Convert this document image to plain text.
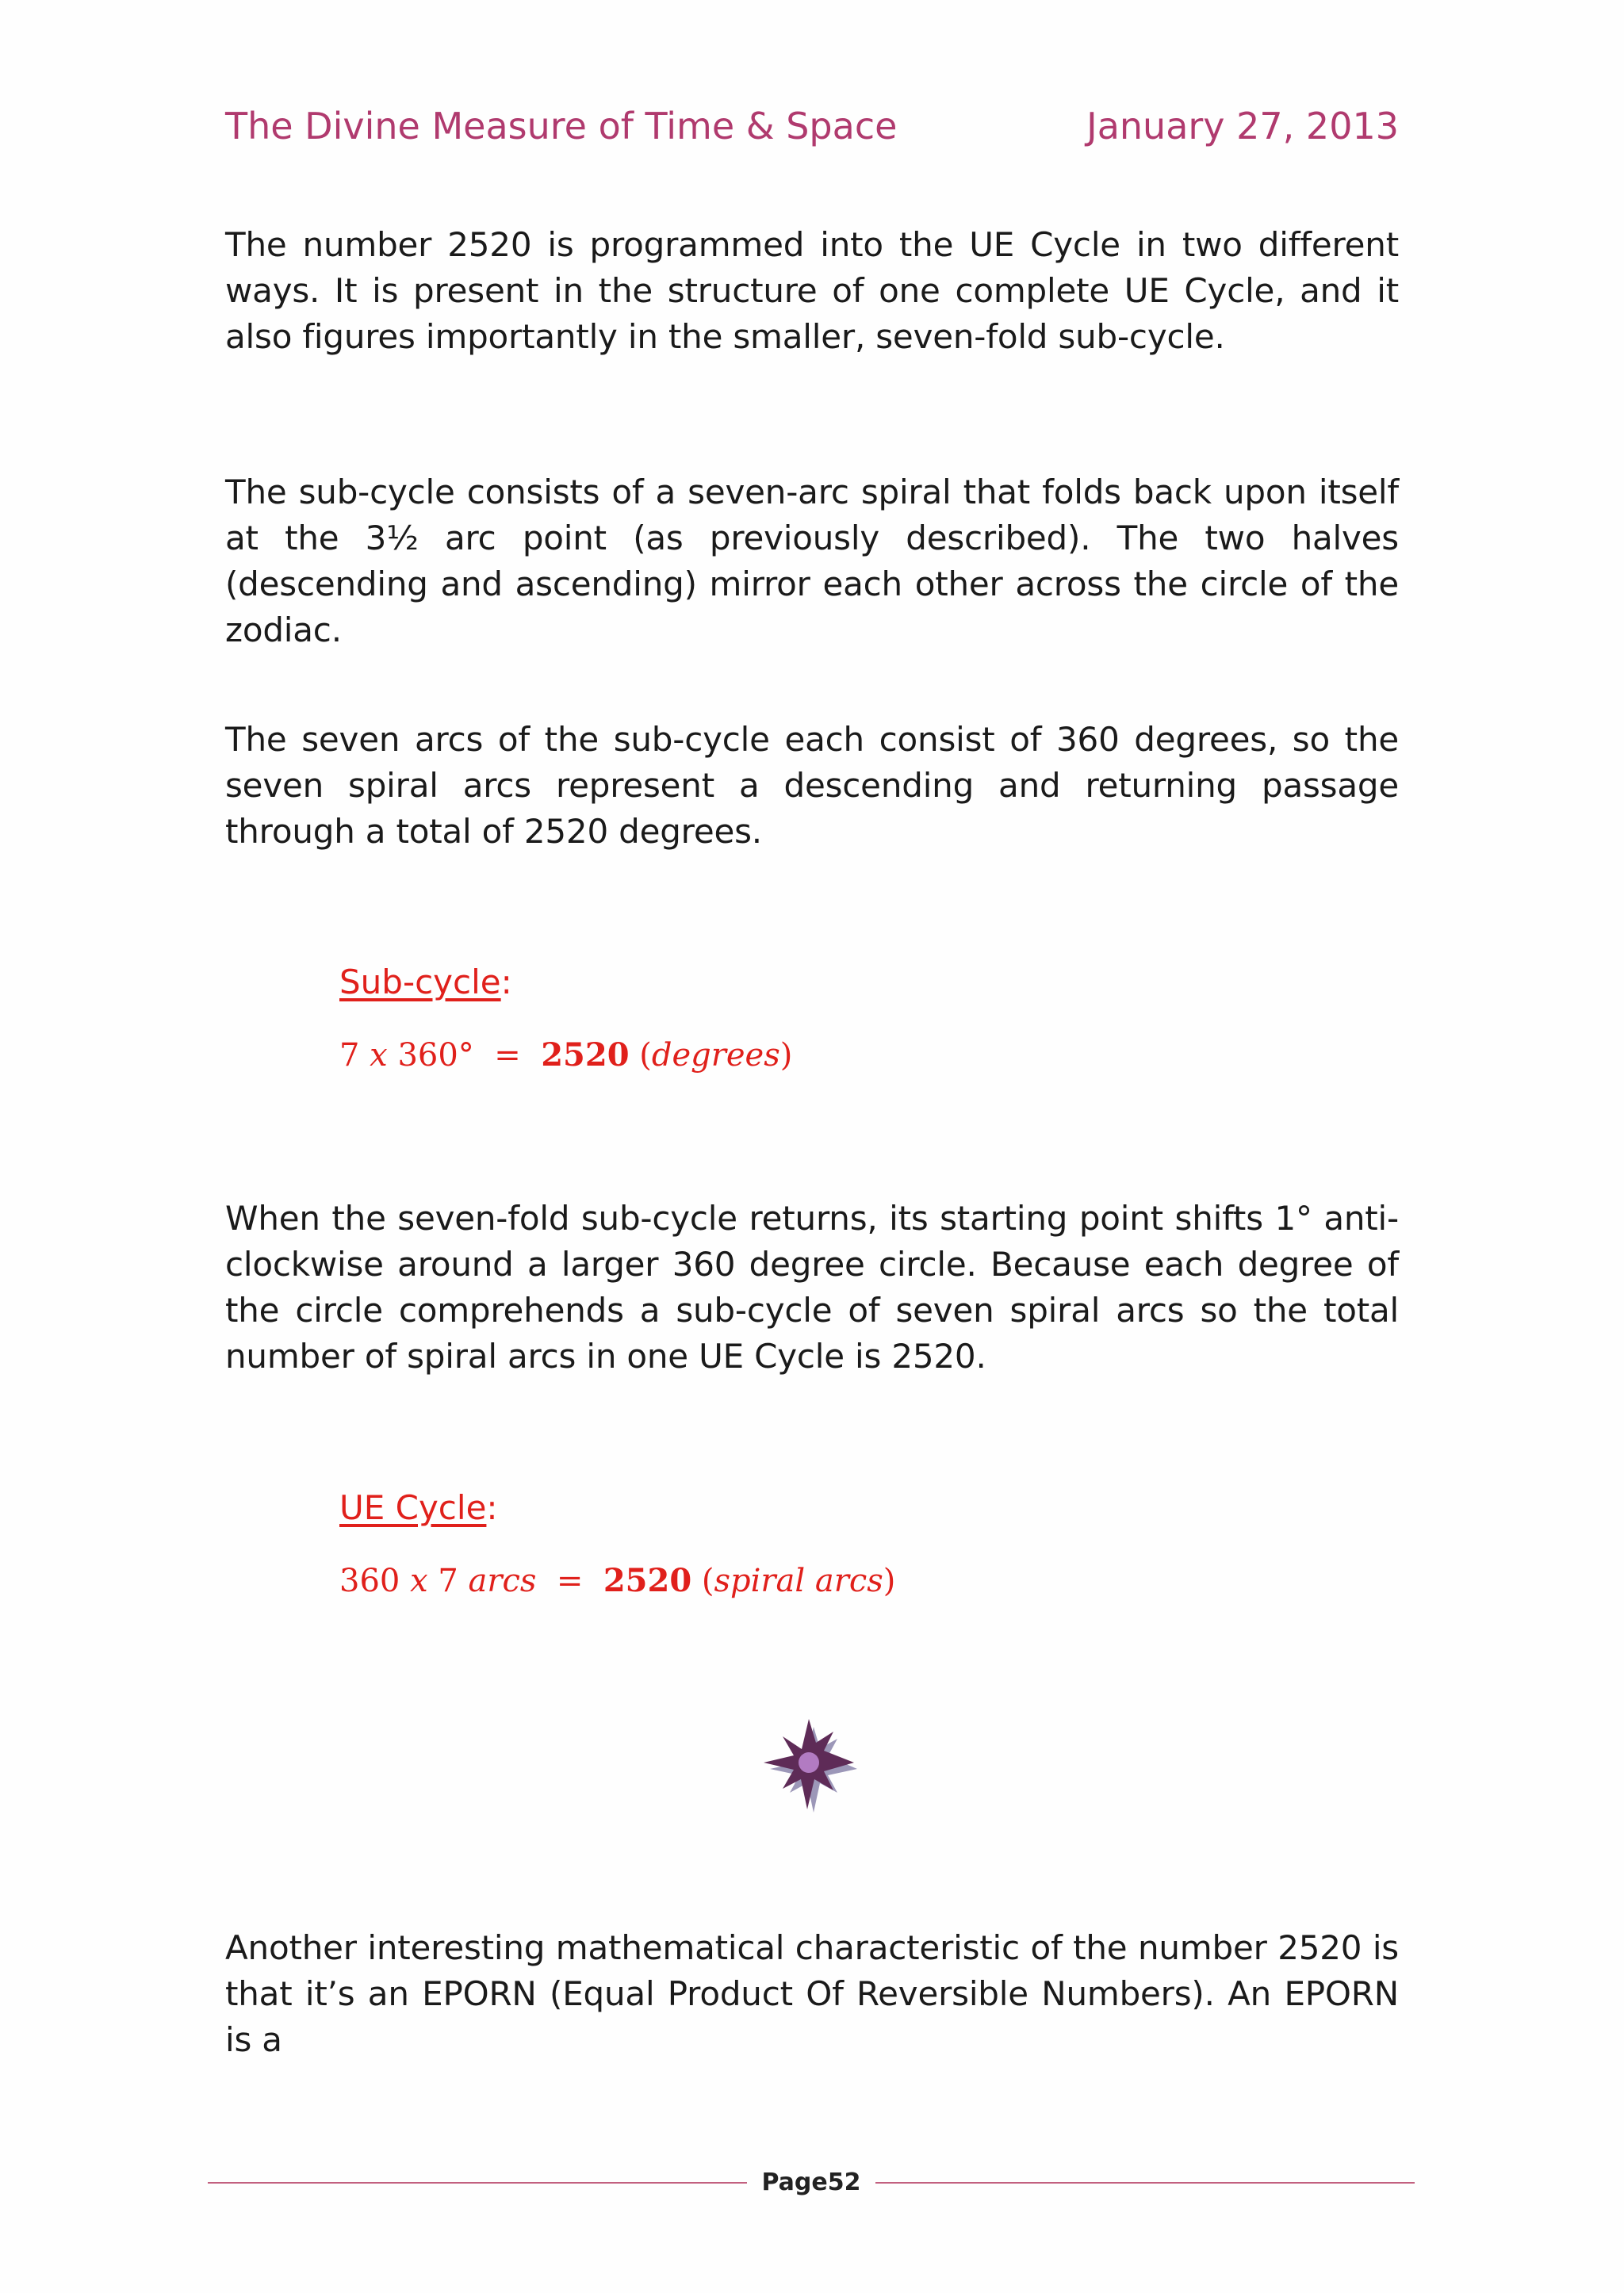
The Divine Measure of Time & Space	January 27, 2013

The number 2520 is programmed into the UE Cycle in two different ways. It is present in the structure of one complete UE Cycle, and it also figures importantly in the smaller, seven-fold sub-cycle.

The sub-cycle consists of a seven-arc spiral that folds back upon itself at the 3½ arc point (as previously described). The two halves (descending and ascending) mirror each other across the circle of the zodiac.

The seven arcs of the sub-cycle each consist of 360 degrees, so the seven spiral arcs represent a descending and returning passage through a total of 2520 degrees.

Sub-cycle:
7 x 360° = 2520 (degrees)

When the seven-fold sub-cycle returns, its starting point shifts 1° anti-clockwise around a larger 360 degree circle. Because each degree of the circle comprehends a sub-cycle of seven spiral arcs so the total number of spiral arcs in one UE Cycle is 2520.

UE Cycle:
360 x 7 arcs = 2520 (spiral arcs)

Another interesting mathematical characteristic of the number 2520 is that it’s an EPORN (Equal Product Of Reversible Numbers). An EPORN is a

Page52
